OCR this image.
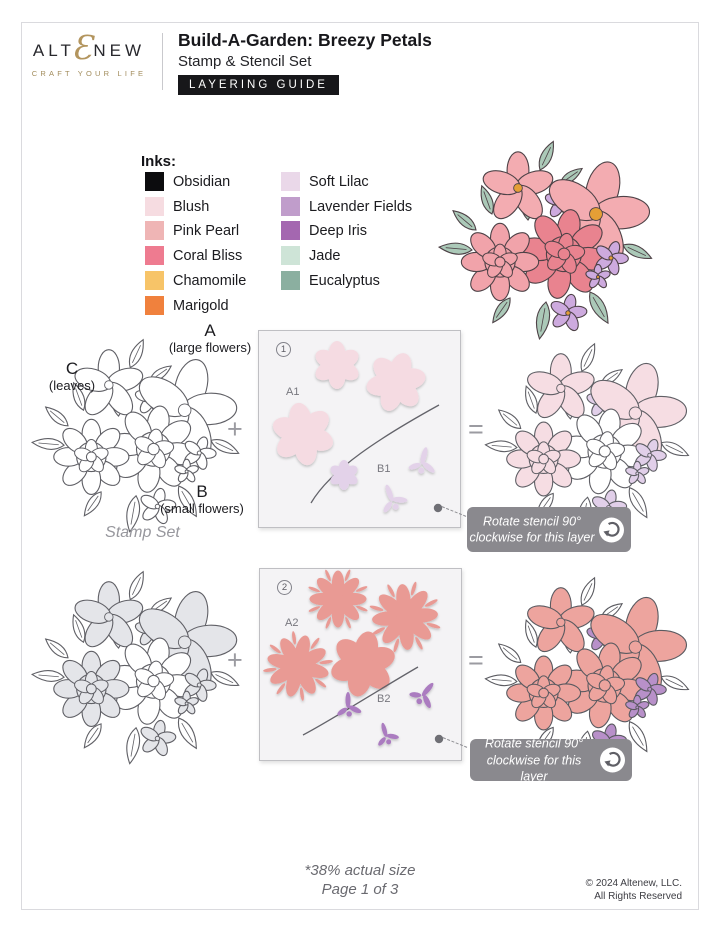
ALT
Ɛ
NEW
CRAFT YOUR LIFE
Build-A-Garden: Breezy Petals
Stamp & Stencil Set
LAYERING GUIDE
Inks:
Obsidian
Blush
Pink Pearl
Coral Bliss
Chamomile
Marigold
Soft Lilac
Lavender Fields
Deep Iris
Jade
Eucalyptus
A
(large flowers)
C
(leaves)
B
(small flowers)
Stamp Set
+
1
A1
B1
=
Rotate stencil 90°
clockwise for this layer
+
2
A2
B2
=
Rotate stencil 90°
clockwise for this layer
*38% actual size
Page 1 of 3	© 2024 Altenew, LLC.
All Rights Reserved
